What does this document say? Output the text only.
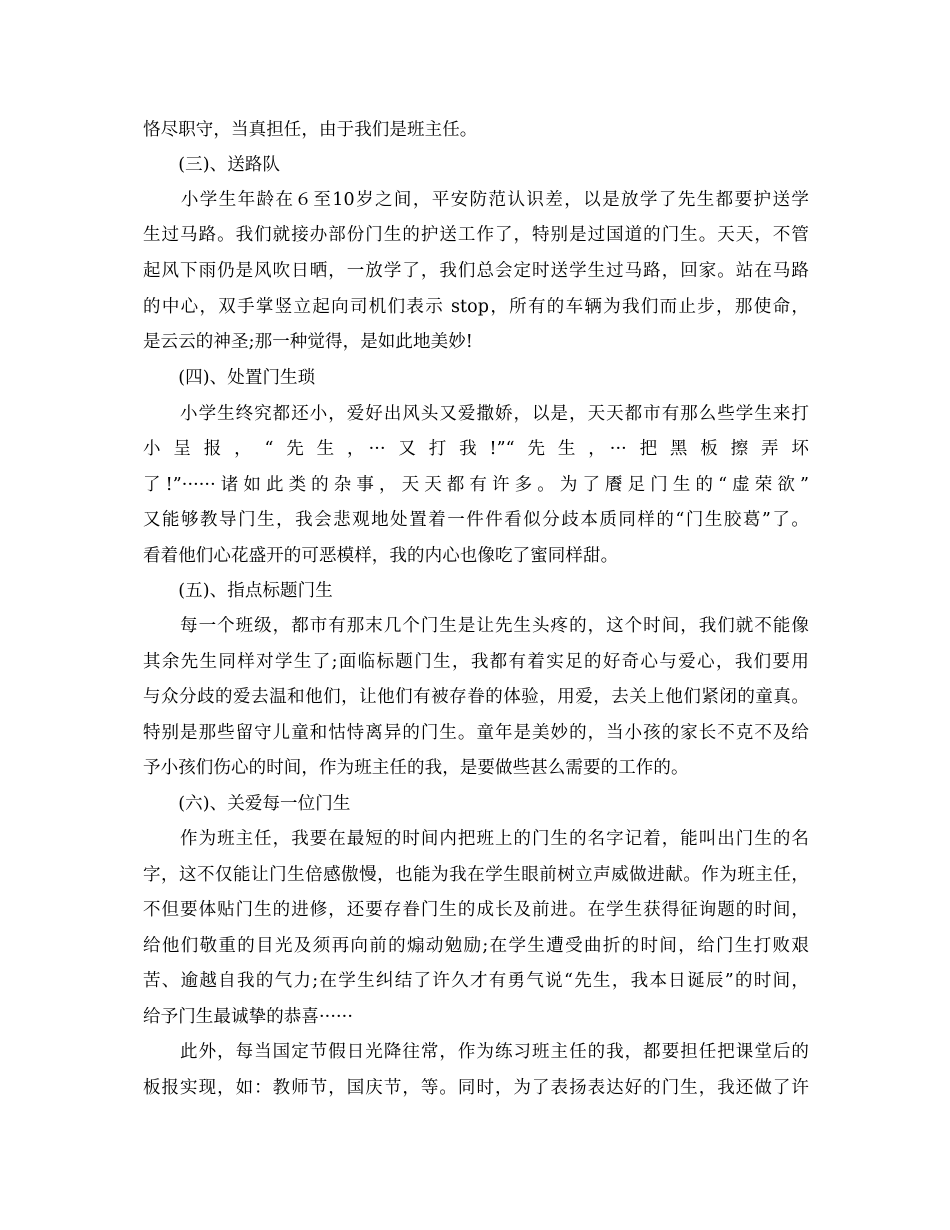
恪尽职守，当真担任，由于我们是班主任。
　　(三)、送路队
　　小学生年龄在６至10岁之间，平安防范认识差，以是放学了先生都要护送学
生过马路。我们就接办部份门生的护送工作了，特别是过国道的门生。天天，不管
起风下雨仍是风吹日晒，一放学了，我们总会定时送学生过马路，回家。站在马路
的中心，双手掌竖立起向司机们表示 stop，所有的车辆为我们而止步，那使命，
是云云的神圣;那一种觉得，是如此地美妙!
　　(四)、处置门生琐
　　小学生终究都还小，爱好出风头又爱撒娇，以是，天天都市有那么些学生来打
小呈报，“先生，···又打我!”“先生，···把黑板擦弄坏
了!”······诸如此类的杂事，天天都有许多。为了餍足门生的“虚荣欲”
又能够教导门生，我会悲观地处置着一件件看似分歧本质同样的“门生胶葛”了。
看着他们心花盛开的可恶模样，我的内心也像吃了蜜同样甜。
　　(五)、指点标题门生
　　每一个班级，都市有那末几个门生是让先生头疼的，这个时间，我们就不能像
其余先生同样对学生了;面临标题门生，我都有着实足的好奇心与爱心，我们要用
与众分歧的爱去温和他们，让他们有被存眷的体验，用爱，去关上他们紧闭的童真。
特别是那些留守儿童和怙恃离异的门生。童年是美妙的，当小孩的家长不克不及给
予小孩们伤心的时间，作为班主任的我，是要做些甚么需要的工作的。
　　(六)、关爱每一位门生
　　作为班主任，我要在最短的时间内把班上的门生的名字记着，能叫出门生的名
字，这不仅能让门生倍感傲慢，也能为我在学生眼前树立声威做进献。作为班主任，
不但要体贴门生的进修，还要存眷门生的成长及前进。在学生获得征询题的时间，
给他们敬重的目光及须再向前的煽动勉励;在学生遭受曲折的时间，给门生打败艰
苦、逾越自我的气力;在学生纠结了许久才有勇气说“先生，我本日诞辰”的时间，
给予门生最诚挚的恭喜······
　　此外，每当国定节假日光降往常，作为练习班主任的我，都要担任把课堂后的
板报实现，如：教师节，国庆节，等。同时，为了表扬表达好的门生，我还做了许
